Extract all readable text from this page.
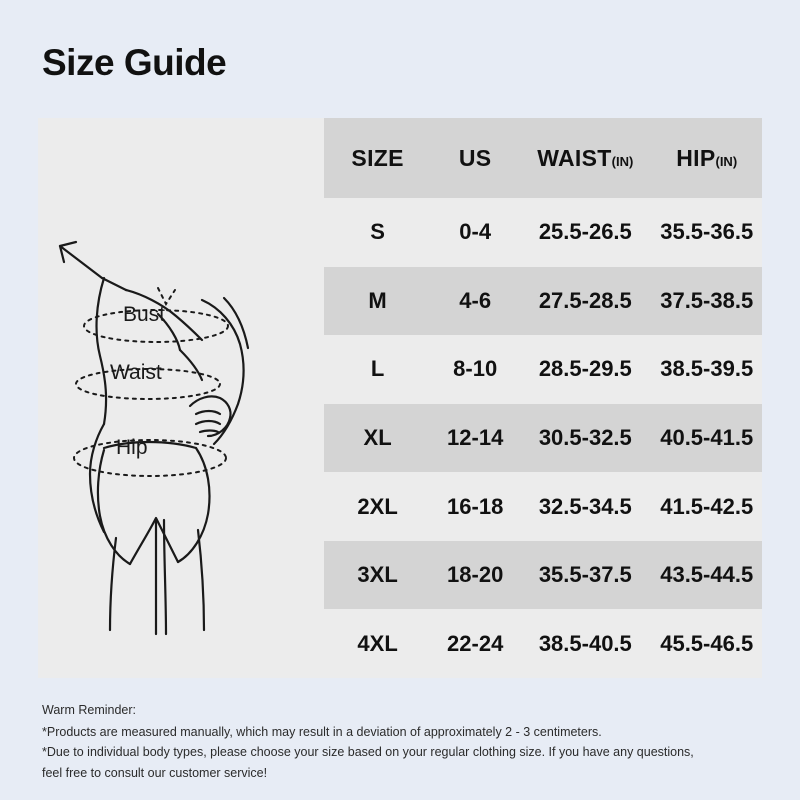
Size Guide
Bust
Waist
Hip
SIZE	US	WAIST(IN)	HIP(IN)
S	0-4	25.5-26.5	35.5-36.5
M	4-6	27.5-28.5	37.5-38.5
L	8-10	28.5-29.5	38.5-39.5
XL	12-14	30.5-32.5	40.5-41.5
2XL	16-18	32.5-34.5	41.5-42.5
3XL	18-20	35.5-37.5	43.5-44.5
4XL	22-24	38.5-40.5	45.5-46.5
Warm Reminder:
*Products are measured manually, which may result in a deviation of approximately 2 - 3 centimeters.
*Due to individual body types, please choose your size based on your regular clothing size. If you have any questions,
feel free to consult our customer service!
